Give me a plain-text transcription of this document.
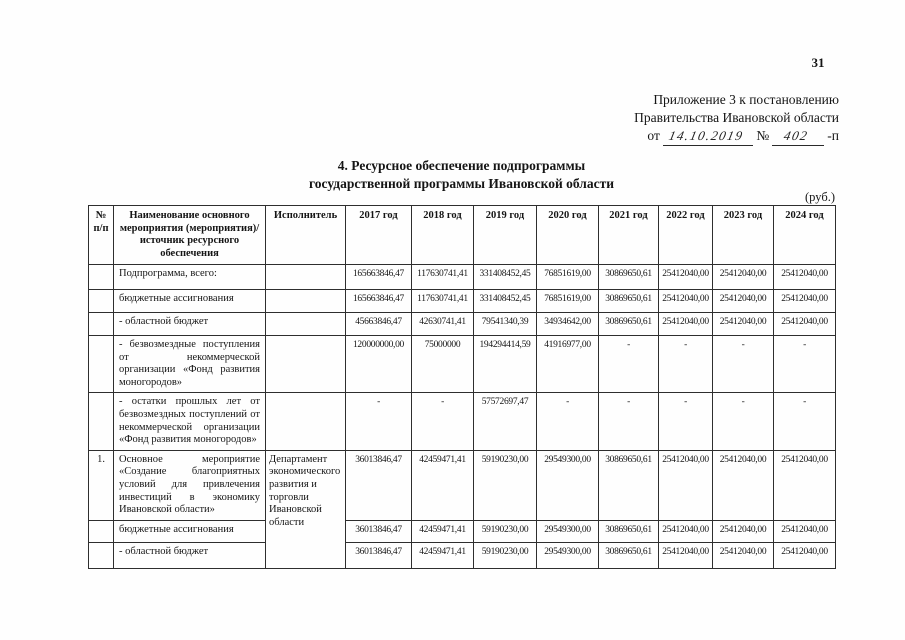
31
Приложение 3 к постановлению
Правительства Ивановской области
от 14.10.2019 № 402 -п
4. Ресурсное обеспечение подпрограммы
государственной программы Ивановской области
(руб.)
№ п/п	Наименование основного мероприятия (мероприятия)/источник ресурсного обеспечения	Исполнитель	2017 год	2018 год	2019 год	2020 год	2021 год	2022 год	2023 год	2024 год
	Подпрограмма, всего:		165663846,47	117630741,41	331408452,45	76851619,00	30869650,61	25412040,00	25412040,00	25412040,00
	бюджетные ассигнования		165663846,47	117630741,41	331408452,45	76851619,00	30869650,61	25412040,00	25412040,00	25412040,00
	- областной бюджет		45663846,47	42630741,41	79541340,39	34934642,00	30869650,61	25412040,00	25412040,00	25412040,00
	- безвозмездные поступления от некоммерческой организации «Фонд развития моногородов»		120000000,00	75000000	194294414,59	41916977,00	-	-	-	-
	- остатки прошлых лет от безвозмездных поступлений от некоммерческой организации «Фонд развития моногородов»		-	-	57572697,47	-	-	-	-	-
1.	Основное мероприятие «Создание благоприятных условий для привлечения инвестиций в экономику Ивановской области»	Департамент экономического развития и торговли Ивановской области	36013846,47	42459471,41	59190230,00	29549300,00	30869650,61	25412040,00	25412040,00	25412040,00
	бюджетные ассигнования		36013846,47	42459471,41	59190230,00	29549300,00	30869650,61	25412040,00	25412040,00	25412040,00
	- областной бюджет		36013846,47	42459471,41	59190230,00	29549300,00	30869650,61	25412040,00	25412040,00	25412040,00
